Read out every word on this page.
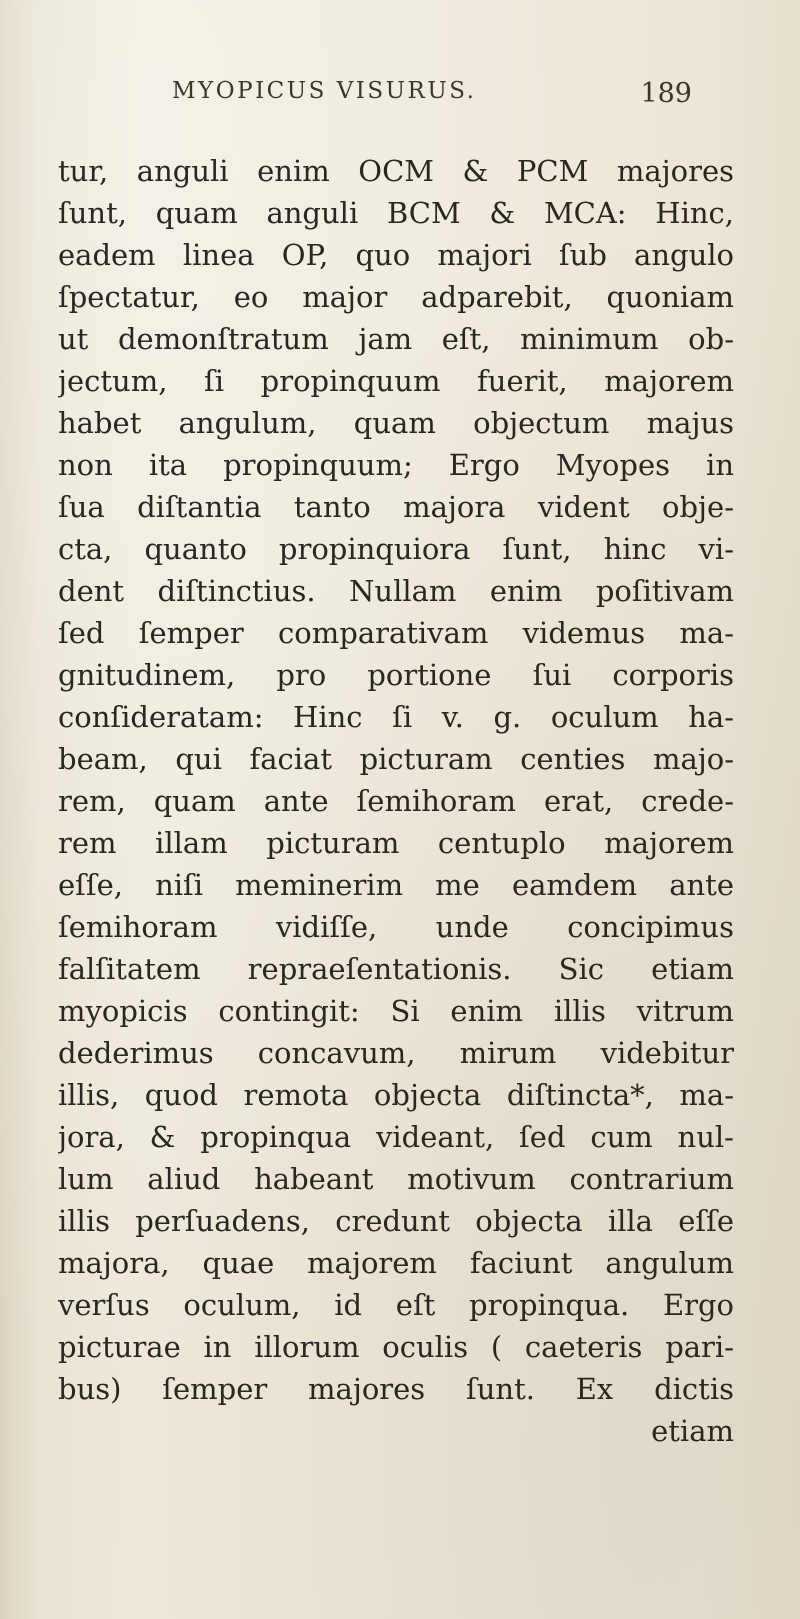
MYOPICUS VISURUS.	189
tur, anguli enim OCM & PCM majores
ſunt, quam anguli BCM & MCA: Hinc,
eadem linea OP, quo majori ſub angulo
ſpectatur, eo major adparebit, quoniam
ut demonſtratum jam eſt, minimum ob-
jectum, ſi propinquum fuerit, majorem
habet angulum, quam objectum majus
non ita propinquum; Ergo Myopes in
ſua diſtantia tanto majora vident obje-
cta, quanto propinquiora ſunt, hinc vi-
dent diſtinctius. Nullam enim poſitivam
ſed ſemper comparativam videmus ma-
gnitudinem, pro portione ſui corporis
conſideratam: Hinc ſi v. g. oculum ha-
beam, qui faciat picturam centies majo-
rem, quam ante ſemihoram erat, crede-
rem illam picturam centuplo majorem
eſſe, niſi meminerim me eamdem ante
ſemihoram vidiſſe, unde concipimus
falſitatem repraeſentationis. Sic etiam
myopicis contingit: Si enim illis vitrum
dederimus concavum, mirum videbitur
illis, quod remota objecta diſtincta*, ma-
jora, & propinqua videant, ſed cum nul-
lum aliud habeant motivum contrarium
illis perſuadens, credunt objecta illa eſſe
majora, quae majorem faciunt angulum
verſus oculum, id eſt propinqua. Ergo
picturae in illorum oculis ( caeteris pari-
bus) ſemper majores ſunt. Ex dictis
etiam
